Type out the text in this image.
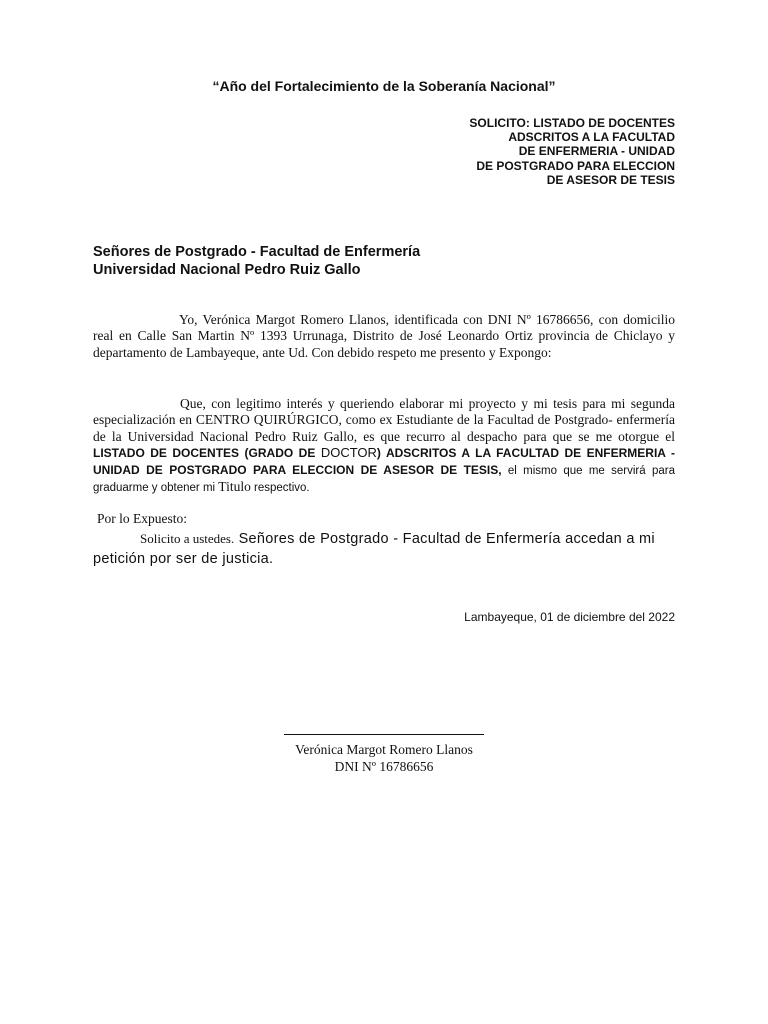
“Año del Fortalecimiento de la Soberanía Nacional”
SOLICITO: LISTADO DE DOCENTES
ADSCRITOS A LA FACULTAD
DE ENFERMERIA - UNIDAD
DE POSTGRADO PARA ELECCION
DE ASESOR DE TESIS
Señores de Postgrado - Facultad de Enfermería
Universidad Nacional Pedro Ruiz Gallo
Yo, Verónica Margot Romero Llanos, identificada con DNI Nº 16786656, con domicilio real en Calle San Martin Nº 1393 Urrunaga, Distrito de José Leonardo Ortiz provincia de Chiclayo y departamento de Lambayeque, ante Ud. Con debido respeto me presento y Expongo:
Que, con legitimo interés y queriendo elaborar mi proyecto y mi tesis para mi segunda especialización en CENTRO QUIRÚRGICO, como ex Estudiante de la Facultad de Postgrado- enfermería de la Universidad Nacional Pedro Ruiz Gallo, es que recurro al despacho para que se me otorgue el LISTADO DE DOCENTES (GRADO DE DOCTOR) ADSCRITOS A LA FACULTAD DE ENFERMERIA - UNIDAD DE POSTGRADO PARA ELECCION DE ASESOR DE TESIS, el mismo que me servirá para graduarme y obtener mi Titulo respectivo.
Por lo Expuesto:
Solicito a ustedes. Señores de Postgrado - Facultad de Enfermería accedan a mi petición por ser de justicia.
Lambayeque, 01 de diciembre del 2022
Verónica Margot Romero Llanos
DNI Nº 16786656
